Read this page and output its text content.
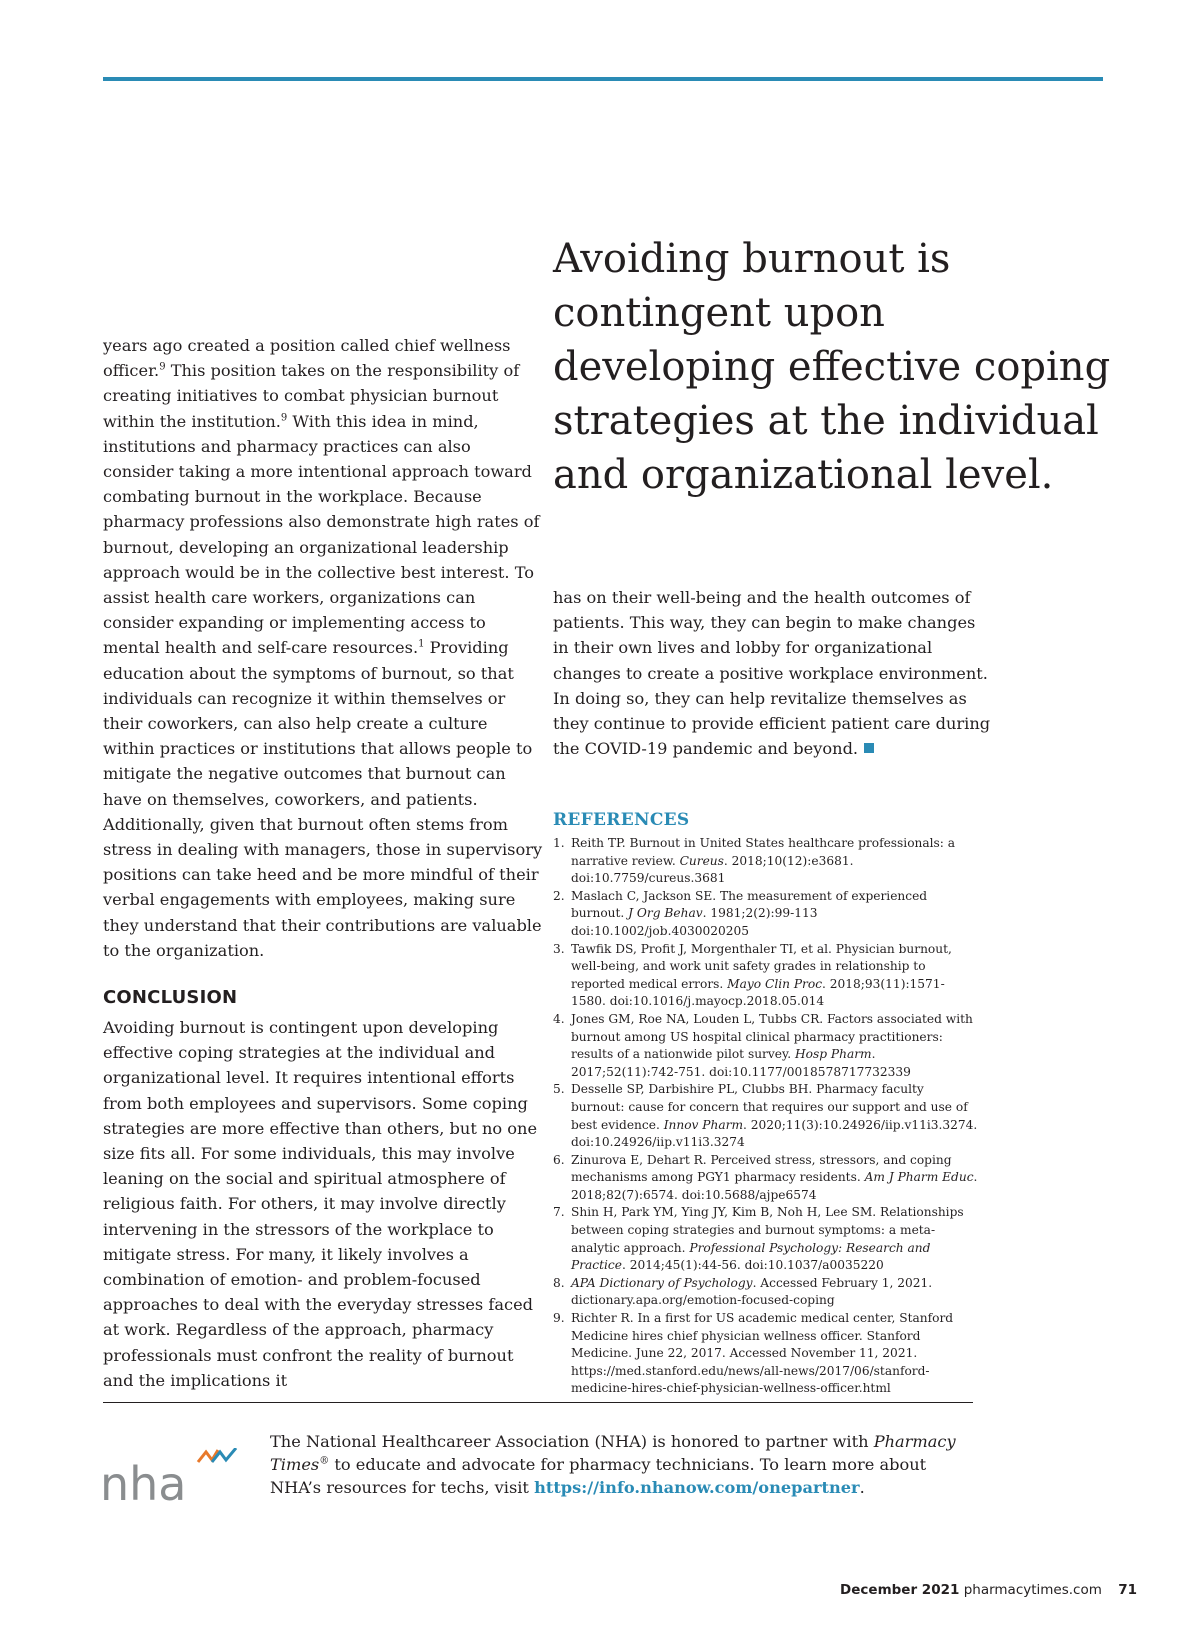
Avoiding burnout is contingent upon developing effective coping strategies at the individual and organizational level.

years ago created a position called chief wellness officer.$^9$ This position takes on the responsibility of creating initiatives to combat physician burnout within the institution.$^9$ With this idea in mind, institutions and pharmacy practices can also consider taking a more intentional approach toward combating burnout in the workplace. Because pharmacy professions also demonstrate high rates of burnout, developing an organizational leadership approach would be in the collective best interest. To assist health care workers, organizations can consider expanding or implementing access to mental health and self-care resources.$^1$ Providing education about the symptoms of burnout, so that individuals can recognize it within themselves or their coworkers, can also help create a culture within practices or institutions that allows people to mitigate the negative outcomes that burnout can have on themselves, coworkers, and patients. Additionally, given that burnout often stems from stress in dealing with managers, those in supervisory positions can take heed and be more mindful of their verbal engagements with employees, making sure they understand that their contributions are valuable to the organization.

CONCLUSION

Avoiding burnout is contingent upon developing effective coping strategies at the individual and organizational level. It requires intentional efforts from both employees and supervisors. Some coping strategies are more effective than others, but no one size fits all. For some individuals, this may involve leaning on the social and spiritual atmosphere of religious faith. For others, it may involve directly intervening in the stressors of the workplace to mitigate stress. For many, it likely involves a combination of emotion- and problem-focused approaches to deal with the everyday stresses faced at work. Regardless of the approach, pharmacy professionals must confront the reality of burnout and the implications it

has on their well-being and the health outcomes of patients. This way, they can begin to make changes in their own lives and lobby for organizational changes to create a positive workplace environment. In doing so, they can help revitalize themselves as they continue to provide efficient patient care during the COVID-19 pandemic and beyond.

REFERENCES
1. Reith TP. Burnout in United States healthcare professionals: a narrative review. Cureus. 2018;10(12):e3681. doi:10.7759/cureus.3681
2. Maslach C, Jackson SE. The measurement of experienced burnout. J Org Behav. 1981;2(2):99-113 doi:10.1002/job.4030020205
3. Tawfik DS, Profit J, Morgenthaler TI, et al. Physician burnout, well-being, and work unit safety grades in relationship to reported medical errors. Mayo Clin Proc. 2018;93(11):1571-1580. doi:10.1016/j.mayocp.2018.05.014
4. Jones GM, Roe NA, Louden L, Tubbs CR. Factors associated with burnout among US hospital clinical pharmacy practitioners: results of a nationwide pilot survey. Hosp Pharm. 2017;52(11):742-751. doi:10.1177/0018578717732339
5. Desselle SP, Darbishire PL, Clubbs BH. Pharmacy faculty burnout: cause for concern that requires our support and use of best evidence. Innov Pharm. 2020;11(3):10.24926/iip.v11i3.3274. doi:10.24926/iip.v11i3.3274
6. Zinurova E, Dehart R. Perceived stress, stressors, and coping mechanisms among PGY1 pharmacy residents. Am J Pharm Educ. 2018;82(7):6574. doi:10.5688/ajpe6574
7. Shin H, Park YM, Ying JY, Kim B, Noh H, Lee SM. Relationships between coping strategies and burnout symptoms: a meta-analytic approach. Professional Psychology: Research and Practice. 2014;45(1):44-56. doi:10.1037/a0035220
8. APA Dictionary of Psychology. Accessed February 1, 2021. dictionary.apa.org/emotion-focused-coping
9. Richter R. In a first for US academic medical center, Stanford Medicine hires chief physician wellness officer. Stanford Medicine. June 22, 2017. Accessed November 11, 2021. https://med.stanford.edu/news/all-news/2017/06/stanford-medicine-hires-chief-physician-wellness-officer.html
nha
The National Healthcareer Association (NHA) is honored to partner with Pharmacy Times® to educate and advocate for pharmacy technicians. To learn more about NHA’s resources for techs, visit https://info.nhanow.com/onepartner.
December 2021 pharmacytimes.com 71
